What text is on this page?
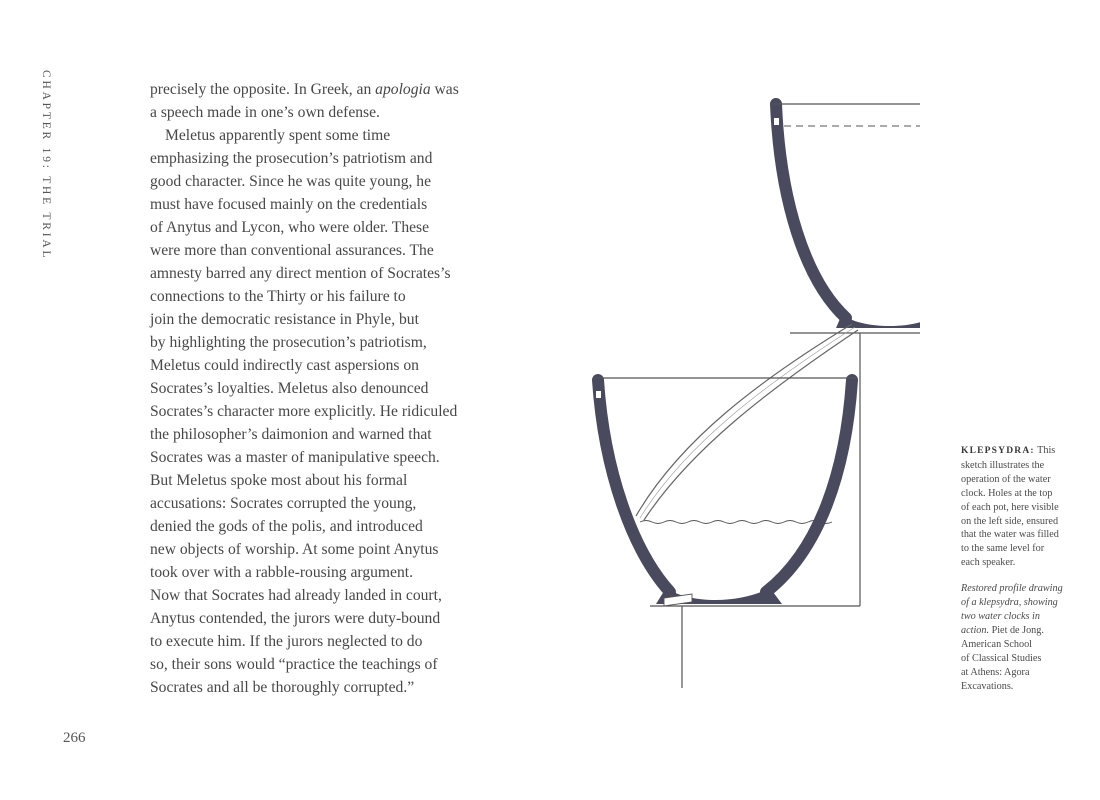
CHAPTER 19: THE TRIAL	precisely the opposite. In Greek, an apologia was
a speech made in one’s own defense.
Meletus apparently spent some time
emphasizing the prosecution’s patriotism and
good character. Since he was quite young, he
must have focused mainly on the credentials
of Anytus and Lycon, who were older. These
were more than conventional assurances. The
amnesty barred any direct mention of Socrates’s
connections to the Thirty or his failure to
join the democratic resistance in Phyle, but
by highlighting the prosecution’s patriotism,
Meletus could indirectly cast aspersions on
Socrates’s loyalties. Meletus also denounced
Socrates’s character more explicitly. He ridiculed
the philosopher’s daimonion and warned that
Socrates was a master of manipulative speech.
But Meletus spoke most about his formal
accusations: Socrates corrupted the young,
denied the gods of the polis, and introduced
new objects of worship. At some point Anytus
took over with a rabble-rousing argument.
Now that Socrates had already landed in court,
Anytus contended, the jurors were duty-bound
to execute him. If the jurors neglected to do
so, their sons would “practice the teachings of
Socrates and all be thoroughly corrupted.”
266
KLEPSYDRA: This
sketch illustrates the
operation of the water
clock. Holes at the top
of each pot, here visible
on the left side, ensured
that the water was filled
to the same level for
each speaker.
Restored profile drawing
of a klepsydra, showing
two water clocks in
action. Piet de Jong.
American School
of Classical Studies
at Athens: Agora
Excavations.
